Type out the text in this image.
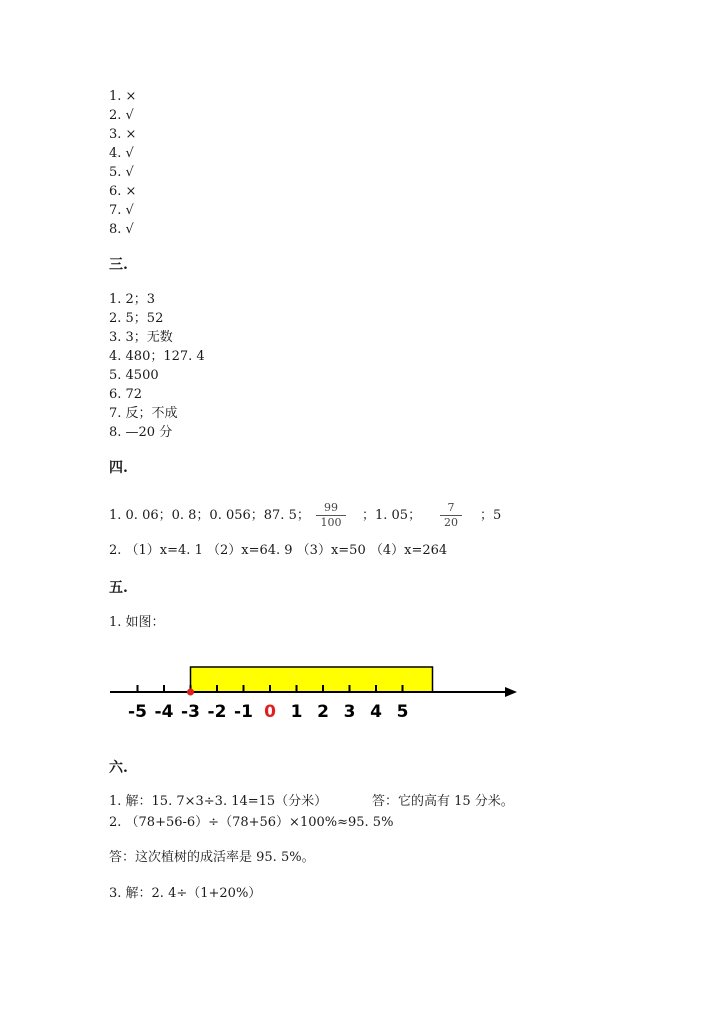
1. ×
2. √
3. ×
4. √
5. √
6. ×
7. √
8. √
三.
1. 2；3
2. 5；52
3. 3；无数
4. 480；127. 4
5. 4500
6. 72
7. 反；不成
8. —20 分
四.
1. 0. 06；0. 8；0. 056；87. 5； $\frac{99}{100}$ ；1. 05； $\frac{7}{20}$ ；5
2. （1）x=4. 1 （2）x=64. 9 （3）x=50 （4）x=264
五.
1. 如图：
-5 -4 -3 -2 -1 0 1 2 3 4 5
六.
1. 解：15. 7×3÷3. 14=15（分米）	答：它的高有 15 分米。
2. （78+56-6）÷（78+56）×100%≈95. 5%
答：这次植树的成活率是 95. 5%。
3. 解：2. 4÷（1+20%）
